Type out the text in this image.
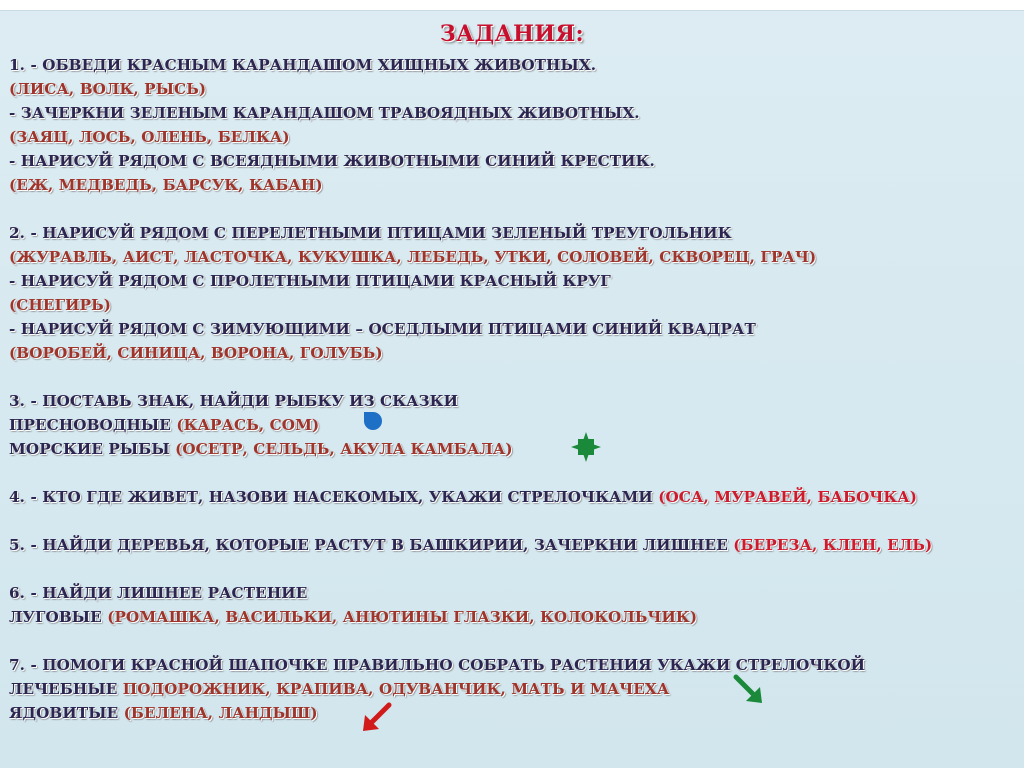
ЗАДАНИЯ:
1. - ОБВЕДИ КРАСНЫМ КАРАНДАШОМ ХИЩНЫХ ЖИВОТНЫХ.
(ЛИСА, ВОЛК, РЫСЬ)
- ЗАЧЕРКНИ ЗЕЛЕНЫМ КАРАНДАШОМ ТРАВОЯДНЫХ ЖИВОТНЫХ.
(ЗАЯЦ, ЛОСЬ, ОЛЕНЬ, БЕЛКА)
- НАРИСУЙ РЯДОМ С ВСЕЯДНЫМИ ЖИВОТНЫМИ СИНИЙ КРЕСТИК.
(ЕЖ, МЕДВЕДЬ, БАРСУК, КАБАН)
2. - НАРИСУЙ РЯДОМ С ПЕРЕЛЕТНЫМИ ПТИЦАМИ ЗЕЛЕНЫЙ ТРЕУГОЛЬНИК
(ЖУРАВЛЬ, АИСТ, ЛАСТОЧКА, КУКУШКА, ЛЕБЕДЬ, УТКИ, СОЛОВЕЙ, СКВОРЕЦ, ГРАЧ)
- НАРИСУЙ РЯДОМ С ПРОЛЕТНЫМИ ПТИЦАМИ КРАСНЫЙ КРУГ
(СНЕГИРЬ)
- НАРИСУЙ РЯДОМ С ЗИМУЮЩИМИ – ОСЕДЛЫМИ ПТИЦАМИ СИНИЙ КВАДРАТ
(ВОРОБЕЙ, СИНИЦА, ВОРОНА, ГОЛУБЬ)
3. - ПОСТАВЬ ЗНАК, НАЙДИ РЫБКУ ИЗ СКАЗКИ
ПРЕСНОВОДНЫЕ (КАРАСЬ, СОМ)
МОРСКИЕ РЫБЫ (ОСЕТР, СЕЛЬДЬ, АКУЛА КАМБАЛА)
4. - КТО ГДЕ ЖИВЕТ, НАЗОВИ НАСЕКОМЫХ, УКАЖИ СТРЕЛОЧКАМИ (ОСА, МУРАВЕЙ, БАБОЧКА)
5. - НАЙДИ ДЕРЕВЬЯ, КОТОРЫЕ РАСТУТ В БАШКИРИИ, ЗАЧЕРКНИ ЛИШНЕЕ (БЕРЕЗА, КЛЕН, ЕЛЬ)
6. - НАЙДИ ЛИШНЕЕ РАСТЕНИЕ
ЛУГОВЫЕ (РОМАШКА, ВАСИЛЬКИ, АНЮТИНЫ ГЛАЗКИ, КОЛОКОЛЬЧИК)
7. - ПОМОГИ КРАСНОЙ ШАПОЧКЕ ПРАВИЛЬНО СОБРАТЬ РАСТЕНИЯ УКАЖИ СТРЕЛОЧКОЙ
ЛЕЧЕБНЫЕ ПОДОРОЖНИК, КРАПИВА, ОДУВАНЧИК, МАТЬ И МАЧЕХА
ЯДОВИТЫЕ (БЕЛЕНА, ЛАНДЫШ)
